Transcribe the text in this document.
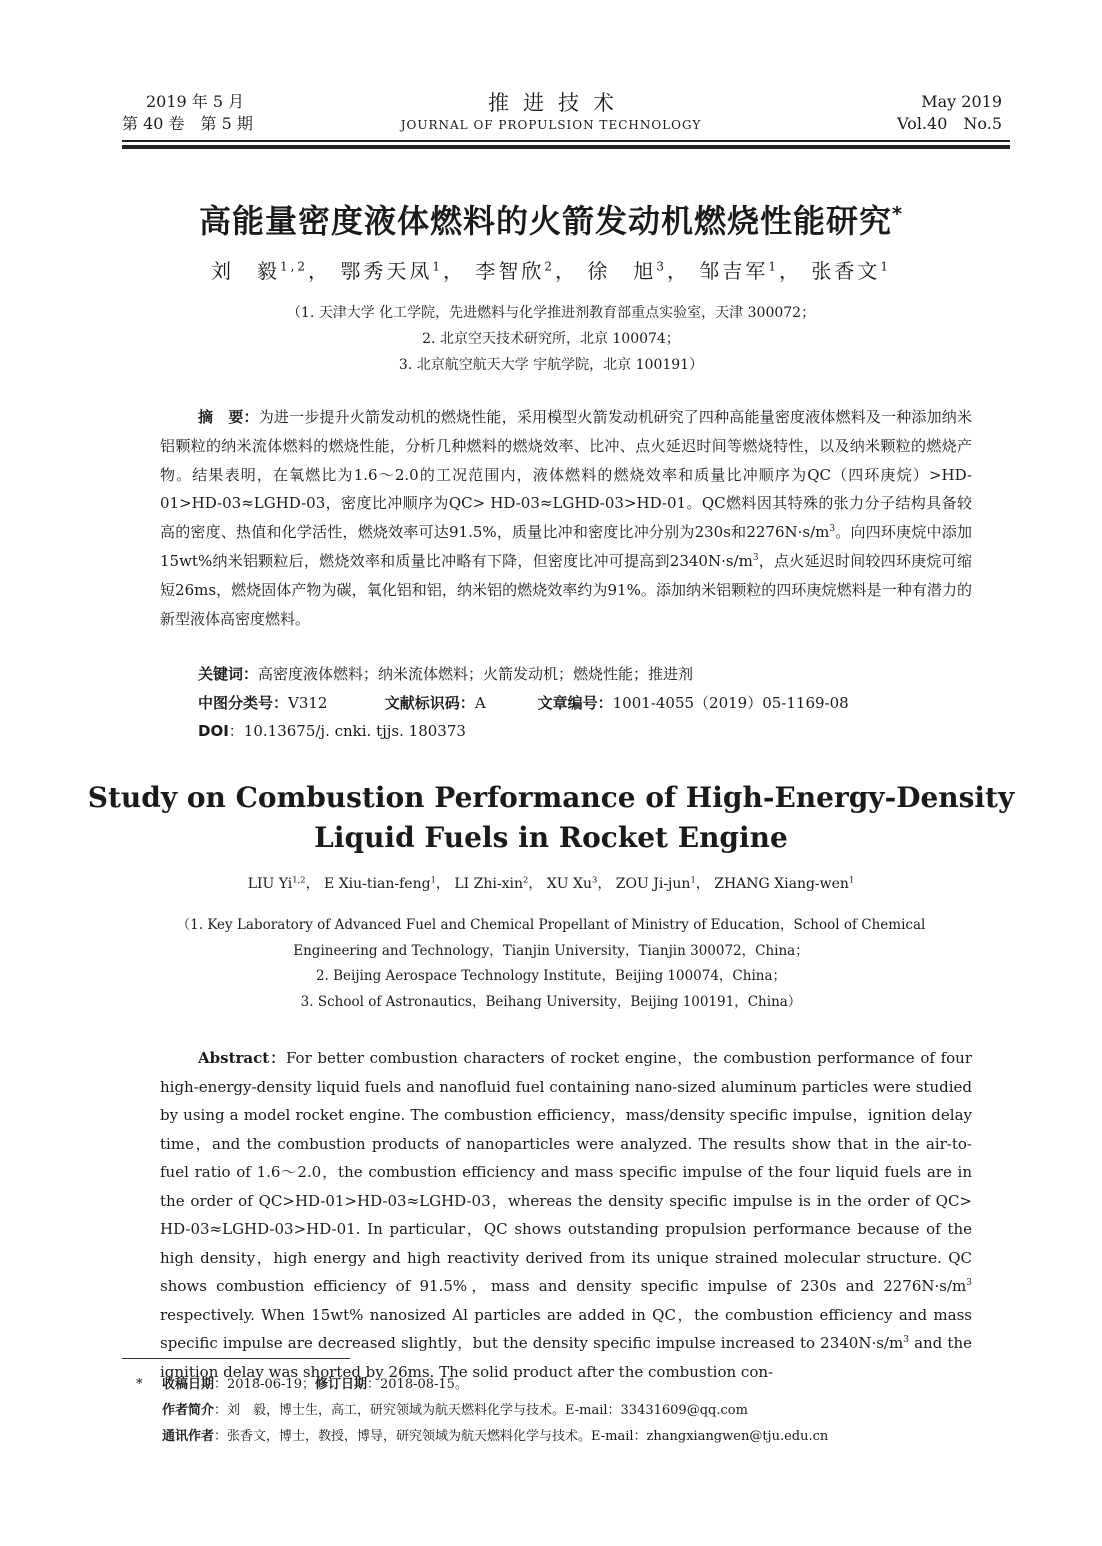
2019 年 5 月
第 40 卷　第 5 期
推进技术
JOURNAL OF PROPULSION TECHNOLOGY
May 2019
Vol.40　No.5
高能量密度液体燃料的火箭发动机燃烧性能研究*
刘　毅$^{1,2}$， 鄂秀天凤$^1$， 李智欣$^2$， 徐　旭$^3$， 邹吉军$^1$， 张香文$^1$
（1. 天津大学 化工学院，先进燃料与化学推进剂教育部重点实验室，天津 300072；
2. 北京空天技术研究所，北京 100074；
3. 北京航空航天大学 宇航学院，北京 100191）

摘　要：为进一步提升火箭发动机的燃烧性能，采用模型火箭发动机研究了四种高能量密度液体燃料及一种添加纳米铝颗粒的纳米流体燃料的燃烧性能，分析几种燃料的燃烧效率、比冲、点火延迟时间等燃烧特性，以及纳米颗粒的燃烧产物。结果表明，在氧燃比为1.6～2.0的工况范围内，液体燃料的燃烧效率和质量比冲顺序为QC（四环庚烷）>HD-01>HD-03≈LGHD-03，密度比冲顺序为QC> HD-03≈LGHD-03>HD-01。QC燃料因其特殊的张力分子结构具备较高的密度、热值和化学活性，燃烧效率可达91.5%，质量比冲和密度比冲分别为230s和$2276N\cdot s/m^3$。向四环庚烷中添加15wt%纳米铝颗粒后，燃烧效率和质量比冲略有下降，但密度比冲可提高到$2340N\cdot s/m^3$，点火延迟时间较四环庚烷可缩短26ms，燃烧固体产物为碳，氧化铝和铝，纳米铝的燃烧效率约为91%。添加纳米铝颗粒的四环庚烷燃料是一种有潜力的新型液体高密度燃料。

关键词：高密度液体燃料；纳米流体燃料；火箭发动机；燃烧性能；推进剂
中图分类号：V312	文献标识码：A	文章编号：1001-4055（2019）05-1169-08
DOI：10.13675/j. cnki. tjjs. 180373
Study on Combustion Performance of High-Energy-Density
Liquid Fuels in Rocket Engine
LIU Yi$^{1,2}$， E Xiu-tian-feng$^1$， LI Zhi-xin$^2$， XU Xu$^3$， ZOU Ji-jun$^1$， ZHANG Xiang-wen$^1$
（1. Key Laboratory of Advanced Fuel and Chemical Propellant of Ministry of Education，School of Chemical
Engineering and Technology，Tianjin University，Tianjin 300072，China；
2. Beijing Aerospace Technology Institute，Beijing 100074，China；
3. School of Astronautics，Beihang University，Beijing 100191，China）

Abstract：For better combustion characters of rocket engine，the combustion performance of four high-energy-density liquid fuels and nanofluid fuel containing nano-sized aluminum particles were studied by using a model rocket engine. The combustion efficiency，mass/density specific impulse，ignition delay time，and the combustion products of nanoparticles were analyzed. The results show that in the air-to-fuel ratio of 1.6～2.0，the combustion efficiency and mass specific impulse of the four liquid fuels are in the order of QC>HD-01>HD-03≈LGHD-03，whereas the density specific impulse is in the order of QC> HD-03≈LGHD-03>HD-01. In particular，QC shows outstanding propulsion performance because of the high density，high energy and high reactivity derived from its unique strained molecular structure. QC shows combustion efficiency of 91.5%，mass and density specific impulse of 230s and $2276N\cdot s/m^3$ respectively. When 15wt% nanosized Al particles are added in QC，the combustion efficiency and mass specific impulse are decreased slightly，but the density specific impulse increased to $2340N\cdot s/m^3$ and the ignition delay was shorted by 26ms. The solid product after the combustion con-

* 收稿日期：2018-06-19；修订日期：2018-08-15。
作者简介：刘　毅，博士生，高工，研究领域为航天燃料化学与技术。E-mail：33431609@qq.com
通讯作者：张香文，博士，教授，博导，研究领域为航天燃料化学与技术。E-mail：zhangxiangwen@tju.edu.cn
